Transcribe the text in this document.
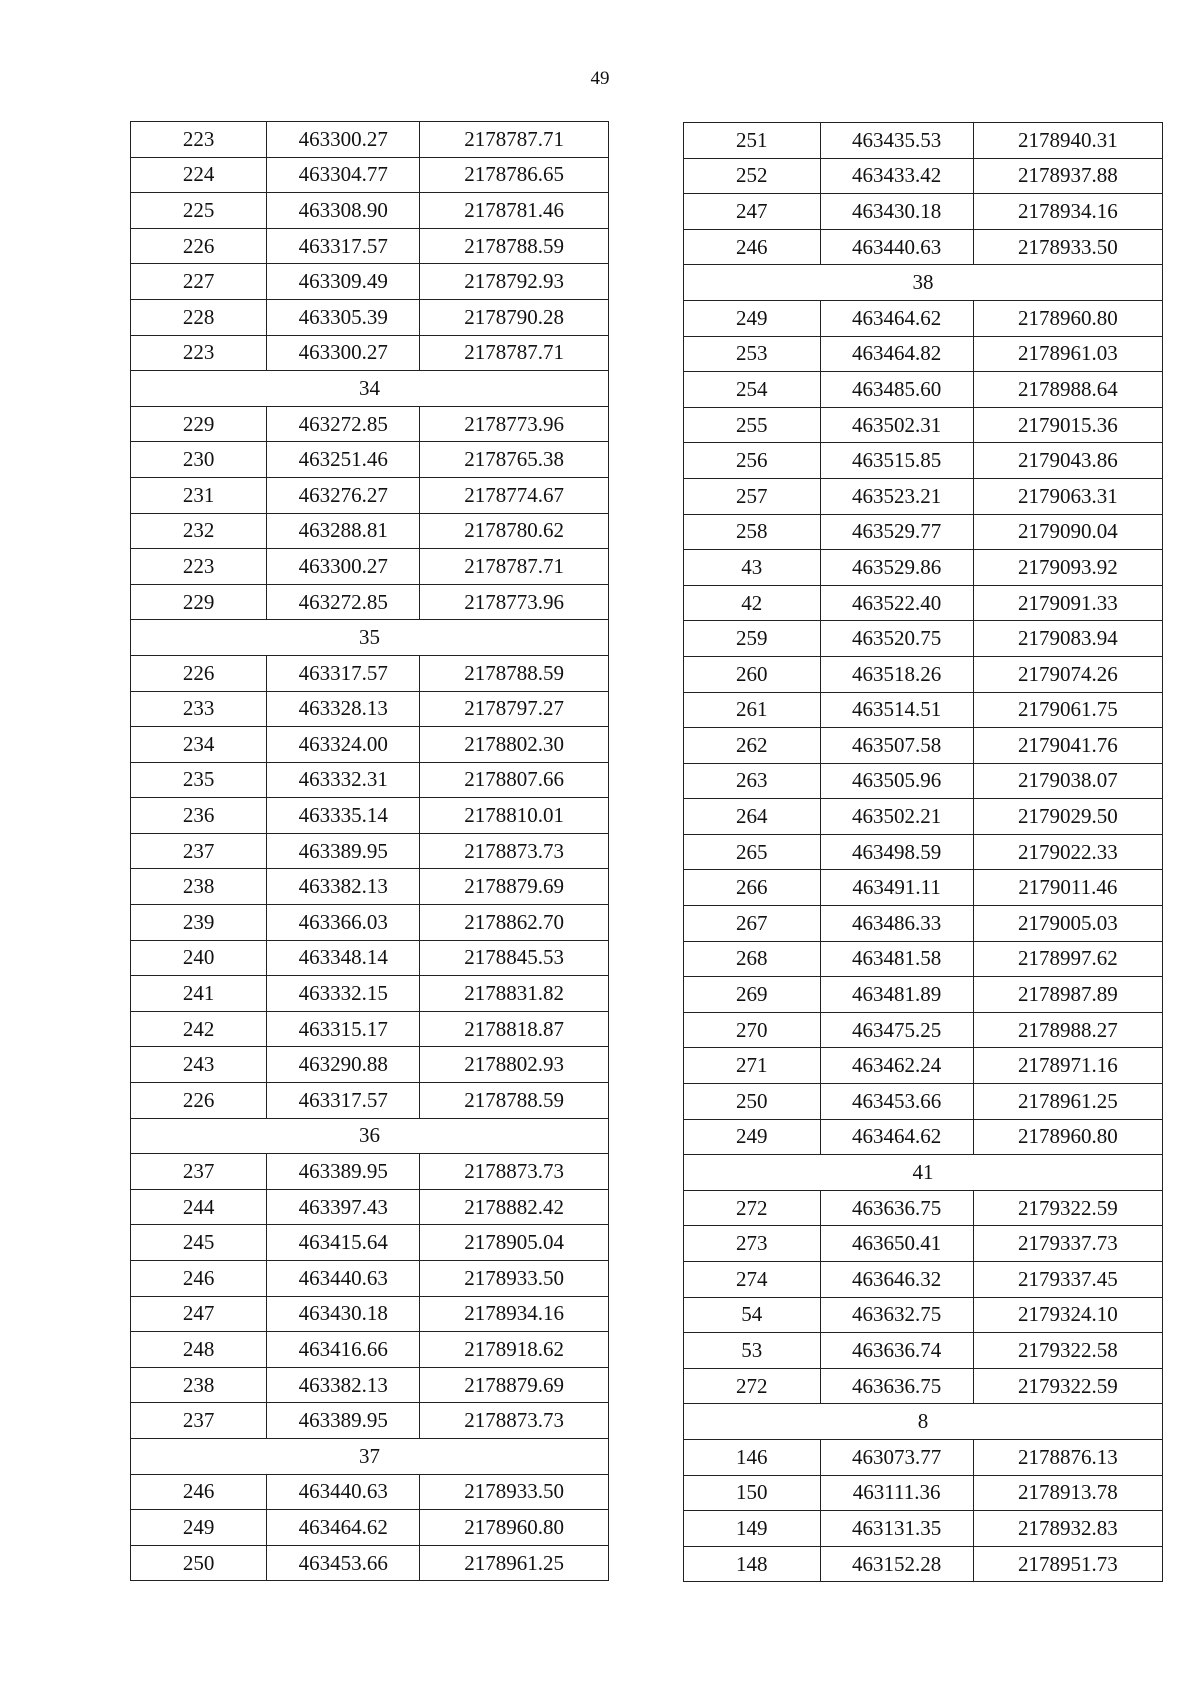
49
223	463300.27	2178787.71
224	463304.77	2178786.65
225	463308.90	2178781.46
226	463317.57	2178788.59
227	463309.49	2178792.93
228	463305.39	2178790.28
223	463300.27	2178787.71
34		
229	463272.85	2178773.96
230	463251.46	2178765.38
231	463276.27	2178774.67
232	463288.81	2178780.62
223	463300.27	2178787.71
229	463272.85	2178773.96
35		
226	463317.57	2178788.59
233	463328.13	2178797.27
234	463324.00	2178802.30
235	463332.31	2178807.66
236	463335.14	2178810.01
237	463389.95	2178873.73
238	463382.13	2178879.69
239	463366.03	2178862.70
240	463348.14	2178845.53
241	463332.15	2178831.82
242	463315.17	2178818.87
243	463290.88	2178802.93
226	463317.57	2178788.59
36		
237	463389.95	2178873.73
244	463397.43	2178882.42
245	463415.64	2178905.04
246	463440.63	2178933.50
247	463430.18	2178934.16
248	463416.66	2178918.62
238	463382.13	2178879.69
237	463389.95	2178873.73
37		
246	463440.63	2178933.50
249	463464.62	2178960.80
250	463453.66	2178961.25
251	463435.53	2178940.31
252	463433.42	2178937.88
247	463430.18	2178934.16
246	463440.63	2178933.50
38		
249	463464.62	2178960.80
253	463464.82	2178961.03
254	463485.60	2178988.64
255	463502.31	2179015.36
256	463515.85	2179043.86
257	463523.21	2179063.31
258	463529.77	2179090.04
43	463529.86	2179093.92
42	463522.40	2179091.33
259	463520.75	2179083.94
260	463518.26	2179074.26
261	463514.51	2179061.75
262	463507.58	2179041.76
263	463505.96	2179038.07
264	463502.21	2179029.50
265	463498.59	2179022.33
266	463491.11	2179011.46
267	463486.33	2179005.03
268	463481.58	2178997.62
269	463481.89	2178987.89
270	463475.25	2178988.27
271	463462.24	2178971.16
250	463453.66	2178961.25
249	463464.62	2178960.80
41		
272	463636.75	2179322.59
273	463650.41	2179337.73
274	463646.32	2179337.45
54	463632.75	2179324.10
53	463636.74	2179322.58
272	463636.75	2179322.59
8		
146	463073.77	2178876.13
150	463111.36	2178913.78
149	463131.35	2178932.83
148	463152.28	2178951.73
